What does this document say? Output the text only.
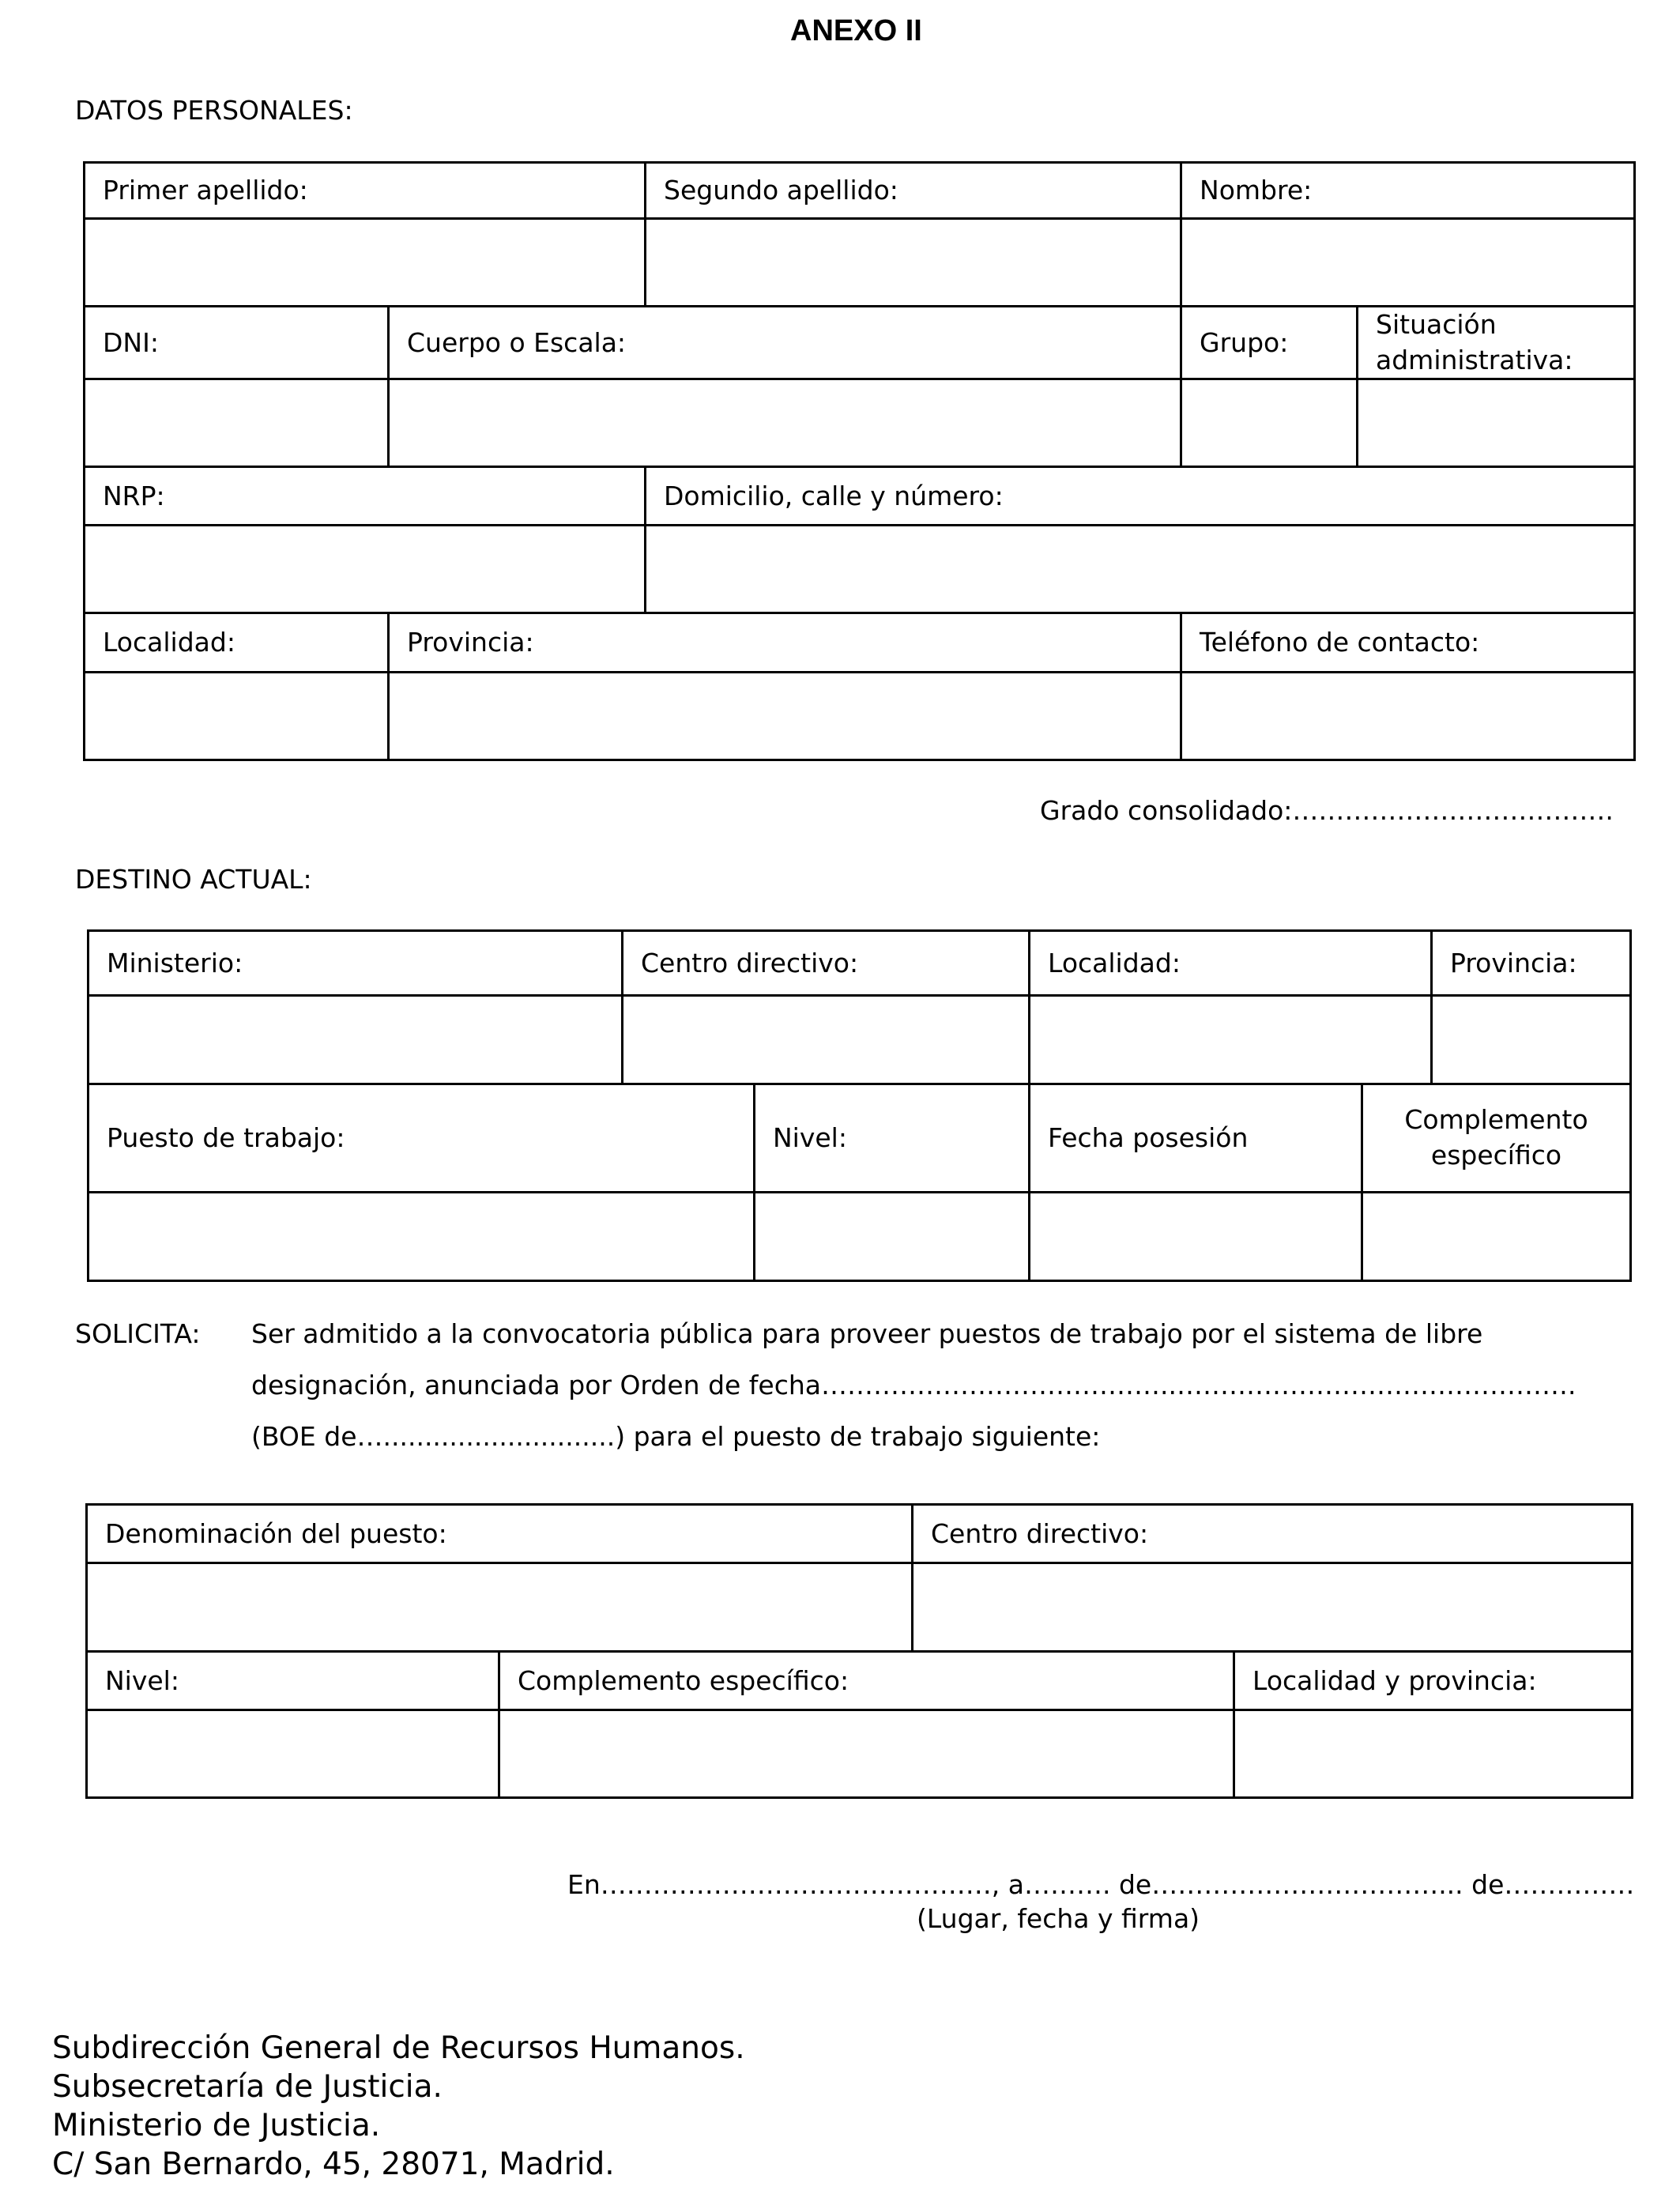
ANEXO II
DATOS PERSONALES:
Primer apellido:		Segundo apellido:	Nombre:	

DNI:	Cuerpo o Escala:		Grupo:	Situación
administrativa:

NRP:		Domicilio, calle y número:		

Localidad:	Provincia:		Teléfono de contacto:	

Grado consolidado:……………………………….
DESTINO ACTUAL:
Ministerio:	Centro directivo:		Localidad:		Provincia:

Puesto de trabajo:		Nivel:	Fecha posesión	Complemento
específico	

SOLICITA: Ser admitido a la convocatoria pública para proveer puestos de trabajo por el sistema de libre
designación, anunciada por Orden de fecha…………………………………..……………………………………….
(BOE de…............................) para el puesto de trabajo siguiente:
Denominación del puesto:		Centro directivo:	

Nivel:	Complemento específico:		Localidad y provincia:

En………………………………………, a………. de……………………………... de……………
(Lugar, fecha y firma)
Subdirección General de Recursos Humanos.
Subsecretaría de Justicia.
Ministerio de Justicia.
C/ San Bernardo, 45, 28071, Madrid.
